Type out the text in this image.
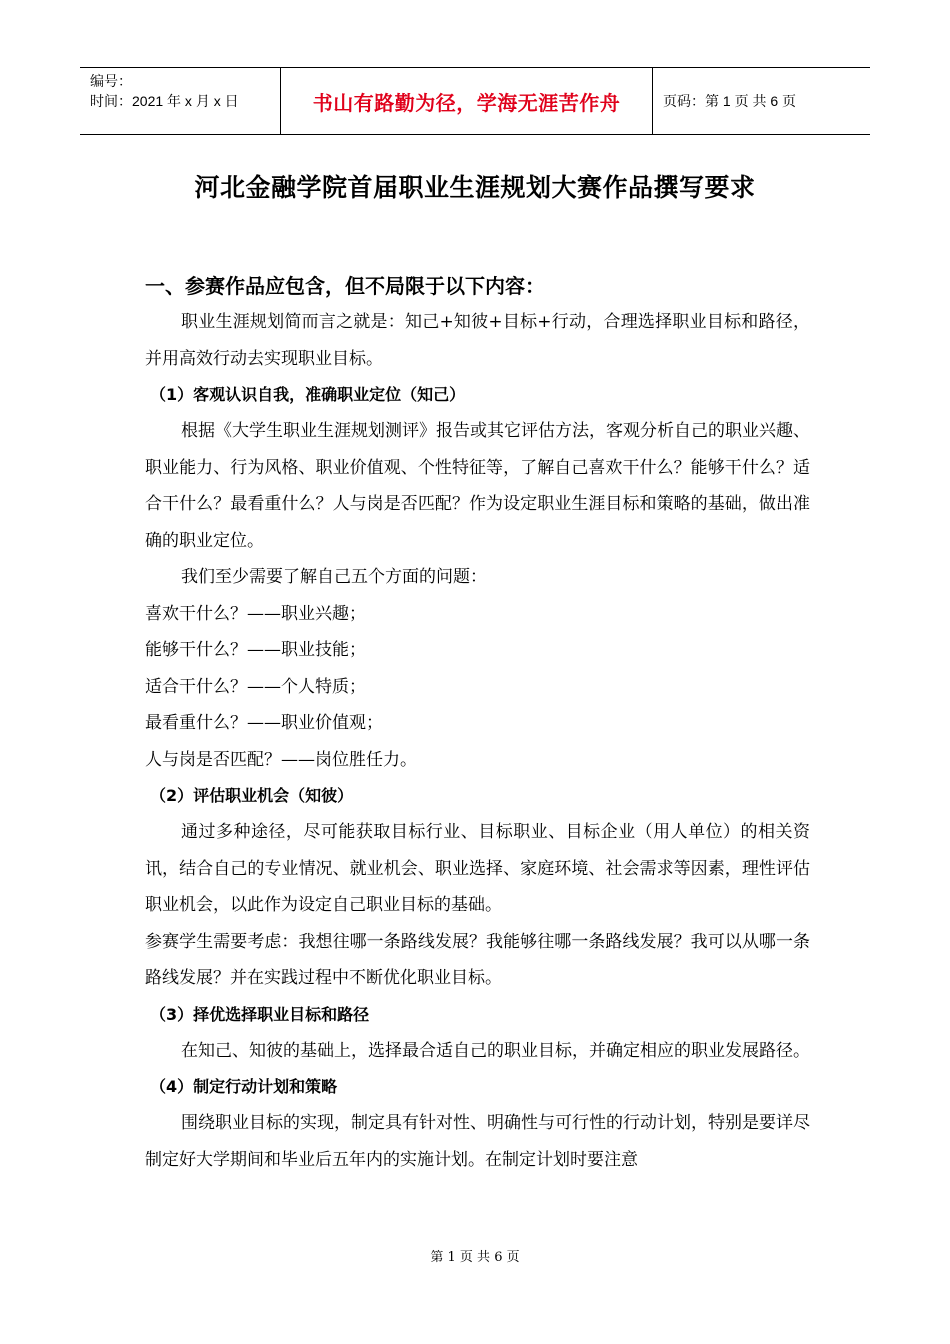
编号：
时间：2021 年 x 月 x 日	书山有路勤为径，学海无涯苦作舟	页码：第 1 页 共 6 页
河北金融学院首届职业生涯规划大赛作品撰写要求

一、参赛作品应包含，但不局限于以下内容：

职业生涯规划简而言之就是：知己+知彼+目标+行动，合理选择职业目标和路径，并用高效行动去实现职业目标。

（1）客观认识自我，准确职业定位（知己）

根据《大学生职业生涯规划测评》报告或其它评估方法，客观分析自己的职业兴趣、职业能力、行为风格、职业价值观、个性特征等，了解自己喜欢干什么？能够干什么？适合干什么？最看重什么？人与岗是否匹配？作为设定职业生涯目标和策略的基础，做出准确的职业定位。

我们至少需要了解自己五个方面的问题：

喜欢干什么？——职业兴趣；

能够干什么？——职业技能；

适合干什么？——个人特质；

最看重什么？——职业价值观；

人与岗是否匹配？——岗位胜任力。

（2）评估职业机会（知彼）

通过多种途径，尽可能获取目标行业、目标职业、目标企业（用人单位）的相关资讯，结合自己的专业情况、就业机会、职业选择、家庭环境、社会需求等因素，理性评估职业机会，以此作为设定自己职业目标的基础。

参赛学生需要考虑：我想往哪一条路线发展？我能够往哪一条路线发展？我可以从哪一条路线发展？并在实践过程中不断优化职业目标。

（3）择优选择职业目标和路径

在知己、知彼的基础上，选择最合适自己的职业目标，并确定相应的职业发展路径。

（4）制定行动计划和策略

围绕职业目标的实现，制定具有针对性、明确性与可行性的行动计划，特别是要详尽制定好大学期间和毕业后五年内的实施计划。在制定计划时要注意

第 1 页 共 6 页
